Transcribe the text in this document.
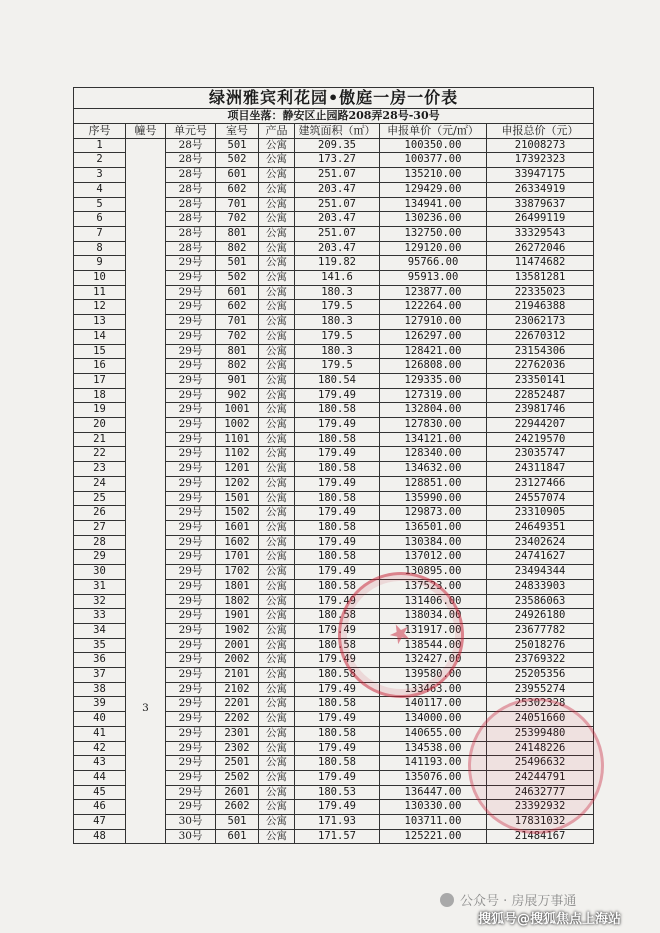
绿洲雅宾利花园•傲庭一房一价表							
项目坐落：静安区止园路208弄28号-30号							
序号	幢号	单元号	室号	产品	建筑面积（㎡）	申报单价（元/㎡）	申报总价（元）
1	3	28号	501	公寓	209.35	100350.00	21008273
2		28号	502	公寓	173.27	100377.00	17392323
3		28号	601	公寓	251.07	135210.00	33947175
4		28号	602	公寓	203.47	129429.00	26334919
5		28号	701	公寓	251.07	134941.00	33879637
6		28号	702	公寓	203.47	130236.00	26499119
7		28号	801	公寓	251.07	132750.00	33329543
8		28号	802	公寓	203.47	129120.00	26272046
9		29号	501	公寓	119.82	95766.00	11474682
10		29号	502	公寓	141.6	95913.00	13581281
11		29号	601	公寓	180.3	123877.00	22335023
12		29号	602	公寓	179.5	122264.00	21946388
13		29号	701	公寓	180.3	127910.00	23062173
14		29号	702	公寓	179.5	126297.00	22670312
15		29号	801	公寓	180.3	128421.00	23154306
16		29号	802	公寓	179.5	126808.00	22762036
17		29号	901	公寓	180.54	129335.00	23350141
18		29号	902	公寓	179.49	127319.00	22852487
19		29号	1001	公寓	180.58	132804.00	23981746
20		29号	1002	公寓	179.49	127830.00	22944207
21		29号	1101	公寓	180.58	134121.00	24219570
22		29号	1102	公寓	179.49	128340.00	23035747
23		29号	1201	公寓	180.58	134632.00	24311847
24		29号	1202	公寓	179.49	128851.00	23127466
25		29号	1501	公寓	180.58	135990.00	24557074
26		29号	1502	公寓	179.49	129873.00	23310905
27		29号	1601	公寓	180.58	136501.00	24649351
28		29号	1602	公寓	179.49	130384.00	23402624
29		29号	1701	公寓	180.58	137012.00	24741627
30		29号	1702	公寓	179.49	130895.00	23494344
31		29号	1801	公寓	180.58	137523.00	24833903
32		29号	1802	公寓	179.49	131406.00	23586063
33		29号	1901	公寓	180.58	138034.00	24926180
34		29号	1902	公寓	179.49	131917.00	23677782
35		29号	2001	公寓	180.58	138544.00	25018276
36		29号	2002	公寓	179.49	132427.00	23769322
37		29号	2101	公寓	180.58	139580.00	25205356
38		29号	2102	公寓	179.49	133463.00	23955274
39		29号	2201	公寓	180.58	140117.00	25302328
40		29号	2202	公寓	179.49	134000.00	24051660
41		29号	2301	公寓	180.58	140655.00	25399480
42		29号	2302	公寓	179.49	134538.00	24148226
43		29号	2501	公寓	180.58	141193.00	25496632
44		29号	2502	公寓	179.49	135076.00	24244791
45		29号	2601	公寓	180.53	136447.00	24632777
46		29号	2602	公寓	179.49	130330.00	23392932
47		30号	501	公寓	171.93	103711.00	17831032
48		30号	601	公寓	171.57	125221.00	21484167
★
公众号 · 房展万事通
搜狐号@搜狐焦点上海站
